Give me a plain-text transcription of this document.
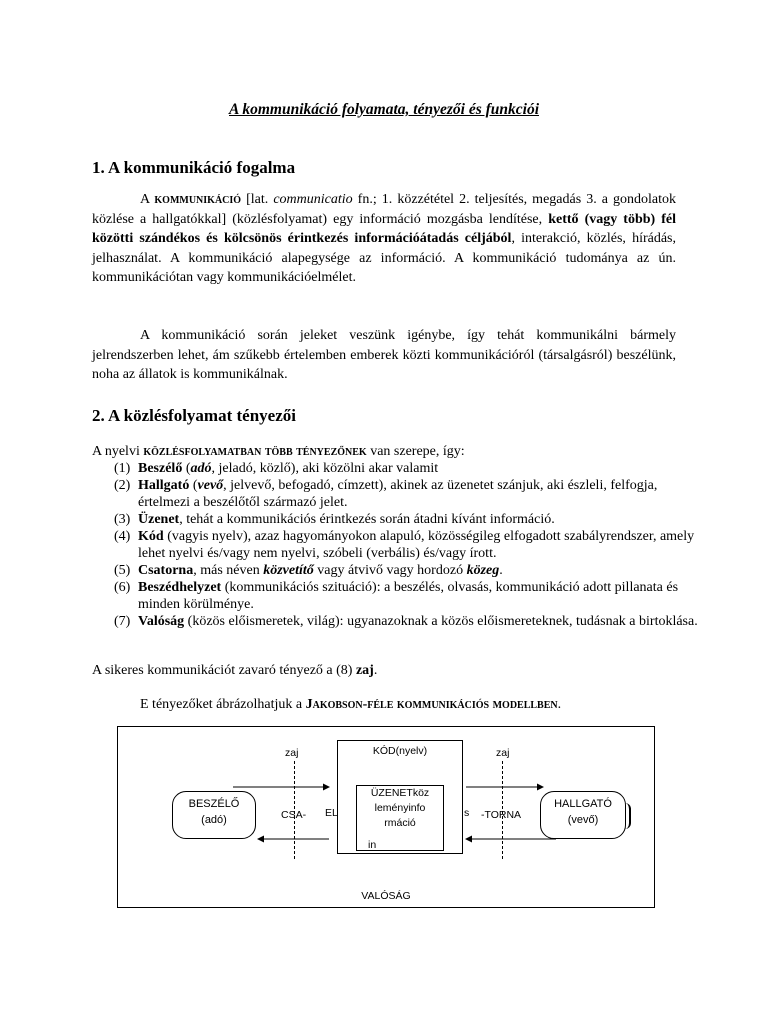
A kommunikáció folyamata, tényezői és funkciói
1. A kommunikáció fogalma

A kommunikáció [lat. communicatio fn.; 1. közzététel 2. teljesítés, megadás 3. a gondolatok közlése a hallgatókkal] (közlésfolyamat) egy információ mozgásba lendítése, kettő (vagy több) fél közötti szándékos és kölcsönös érintkezés információátadás céljából, interakció, közlés, hírádás, jelhasználat. A kommunikáció alapegysége az információ. A kommunikáció tudománya az ún. kommunikációtan vagy kommunikációelmélet.

A kommunikáció során jeleket veszünk igénybe, így tehát kommunikálni bármely jelrendszerben lehet, ám szűkebb értelemben emberek közti kommunikációról (társalgásról) beszélünk, noha az állatok is kommunikálnak.

2. A közlésfolyamat tényezői
A nyelvi közlésfolyamatban több tényezőnek van szerepe, így:
(1) Beszélő (adó, jeladó, közlő), aki közölni akar valamit
(2) Hallgató (vevő, jelvevő, befogadó, címzett), akinek az üzenetet szánjuk, aki észleli, felfogja, értelmezi a beszélőtől származó jelet.
(3) Üzenet, tehát a kommunikációs érintkezés során átadni kívánt információ.
(4) Kód (vagyis nyelv), azaz hagyományokon alapuló, közösségileg elfogadott szabályrendszer, amely lehet nyelvi és/vagy nem nyelvi, szóbeli (verbális) és/vagy írott.
(5) Csatorna, más néven közvetítő vagy átvivő vagy hordozó közeg.
(6) Beszédhelyzet (kommunikációs szituáció): a beszélés, olvasás, kommunikáció adott pillanata és minden körülménye.
(7) Valóság (közös előismeretek, világ): ugyanazoknak a közös előismereteknek, tudásnak a birtoklása.
A sikeres kommunikációt zavaró tényező a (8) zaj.
E tényezőket ábrázolhatjuk a Jakobson-féle kommunikációs modellben.
zaj	zaj
KÓD(nyelv)
ÜZENETköz
leményinfo
rmáció
BESZÉLŐ
(adó)
HALLGATÓ
(vevő)
CSA- EL	s -TORNA
in
VALÓSÁG
